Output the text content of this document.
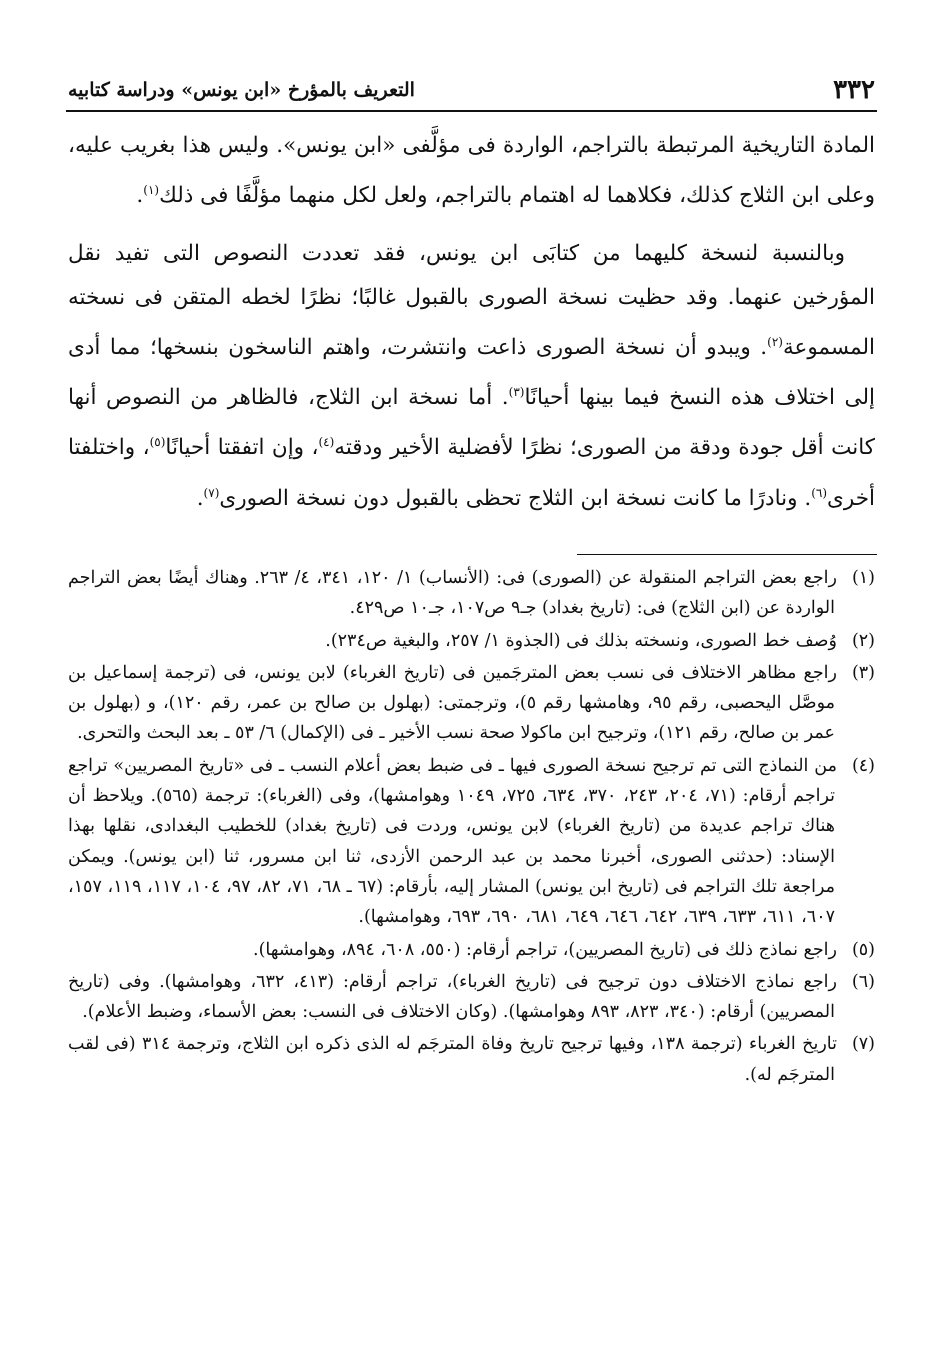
٣٣٢
التعريف بالمؤرخ «ابن يونس» ودراسة كتابيه

المادة التاريخية المرتبطة بالتراجم، الواردة فى مؤلَّفى «ابن يونس». وليس هذا بغريب عليه، وعلى ابن الثلاج كذلك، فكلاهما له اهتمام بالتراجم، ولعل لكل منهما مؤلَّفًا فى ذلك$^{(١)}$.

وبالنسبة لنسخة كليهما من كتابَى ابن يونس، فقد تعددت النصوص التى تفيد نقل المؤرخين عنهما. وقد حظيت نسخة الصورى بالقبول غالبًا؛ نظرًا لخطه المتقن فى نسخته المسموعة$^{(٢)}$. ويبدو أن نسخة الصورى ذاعت وانتشرت، واهتم الناسخون بنسخها؛ مما أدى إلى اختلاف هذه النسخ فيما بينها أحيانًا$^{(٣)}$. أما نسخة ابن الثلاج، فالظاهر من النصوص أنها كانت أقل جودة ودقة من الصورى؛ نظرًا لأفضلية الأخير ودقته$^{(٤)}$، وإن اتفقتا أحيانًا$^{(٥)}$، واختلفتا أخرى$^{(٦)}$. ونادرًا ما كانت نسخة ابن الثلاج تحظى بالقبول دون نسخة الصورى$^{(٧)}$.

(١)راجع بعض التراجم المنقولة عن (الصورى) فى: (الأنساب) ١/ ١٢٠، ٣٤١، ٤/ ٢٦٣. وهناك أيضًا بعض التراجم الواردة عن (ابن الثلاج) فى: (تاريخ بغداد) جـ٩ ص١٠٧، جـ١٠ ص٤٢٩.

(٢)وُصف خط الصورى، ونسخته بذلك فى (الجذوة ١/ ٢٥٧، والبغية ص٢٣٤).

(٣)راجع مظاهر الاختلاف فى نسب بعض المترجَمين فى (تاريخ الغرباء) لابن يونس، فى (ترجمة إسماعيل بن موصَّل اليحصبى، رقم ٩٥، وهامشها رقم ٥)، وترجمتى: (بهلول بن صالح بن عمر، رقم ١٢٠)، و (بهلول بن عمر بن صالح، رقم ١٢١)، وترجيح ابن ماكولا صحة نسب الأخير ـ فى (الإكمال) ٦/ ٥٣ ـ بعد البحث والتحرى.

(٤)من النماذج التى تم ترجيح نسخة الصورى فيها ـ فى ضبط بعض أعلام النسب ـ فى «تاريخ المصريين» تراجع تراجم أرقام: (٧١، ٢٠٤، ٢٤٣، ٣٧٠، ٦٣٤، ٧٢٥، ١٠٤٩ وهوامشها)، وفى (الغرباء): ترجمة (٥٦٥). ويلاحظ أن هناك تراجم عديدة من (تاريخ الغرباء) لابن يونس، وردت فى (تاريخ بغداد) للخطيب البغدادى، نقلها بهذا الإسناد: (حدثنى الصورى، أخبرنا محمد بن عبد الرحمن الأزدى، ثنا ابن مسرور، ثنا (ابن يونس). ويمكن مراجعة تلك التراجم فى (تاريخ ابن يونس) المشار إليه، بأرقام: (٦٧ ـ ٦٨، ٧١، ٨٢، ٩٧، ١٠٤، ١١٧، ١١٩، ١٥٧، ٦٠٧، ٦١١، ٦٣٣، ٦٣٩، ٦٤٢، ٦٤٦، ٦٤٩، ٦٨١، ٦٩٠، ٦٩٣، وهوامشها).

(٥)راجع نماذج ذلك فى (تاريخ المصريين)، تراجم أرقام: (٥٥٠، ٦٠٨، ٨٩٤، وهوامشها).

(٦)راجع نماذج الاختلاف دون ترجيح فى (تاريخ الغرباء)، تراجم أرقام: (٤١٣، ٦٣٢، وهوامشها). وفى (تاريخ المصريين) أرقام: (٣٤٠، ٨٢٣، ٨٩٣ وهوامشها). (وكان الاختلاف فى النسب: بعض الأسماء، وضبط الأعلام).

(٧)تاريخ الغرباء (ترجمة ١٣٨، وفيها ترجيح تاريخ وفاة المترجَم له الذى ذكره ابن الثلاج، وترجمة ٣١٤ (فى لقب المترجَم له).
